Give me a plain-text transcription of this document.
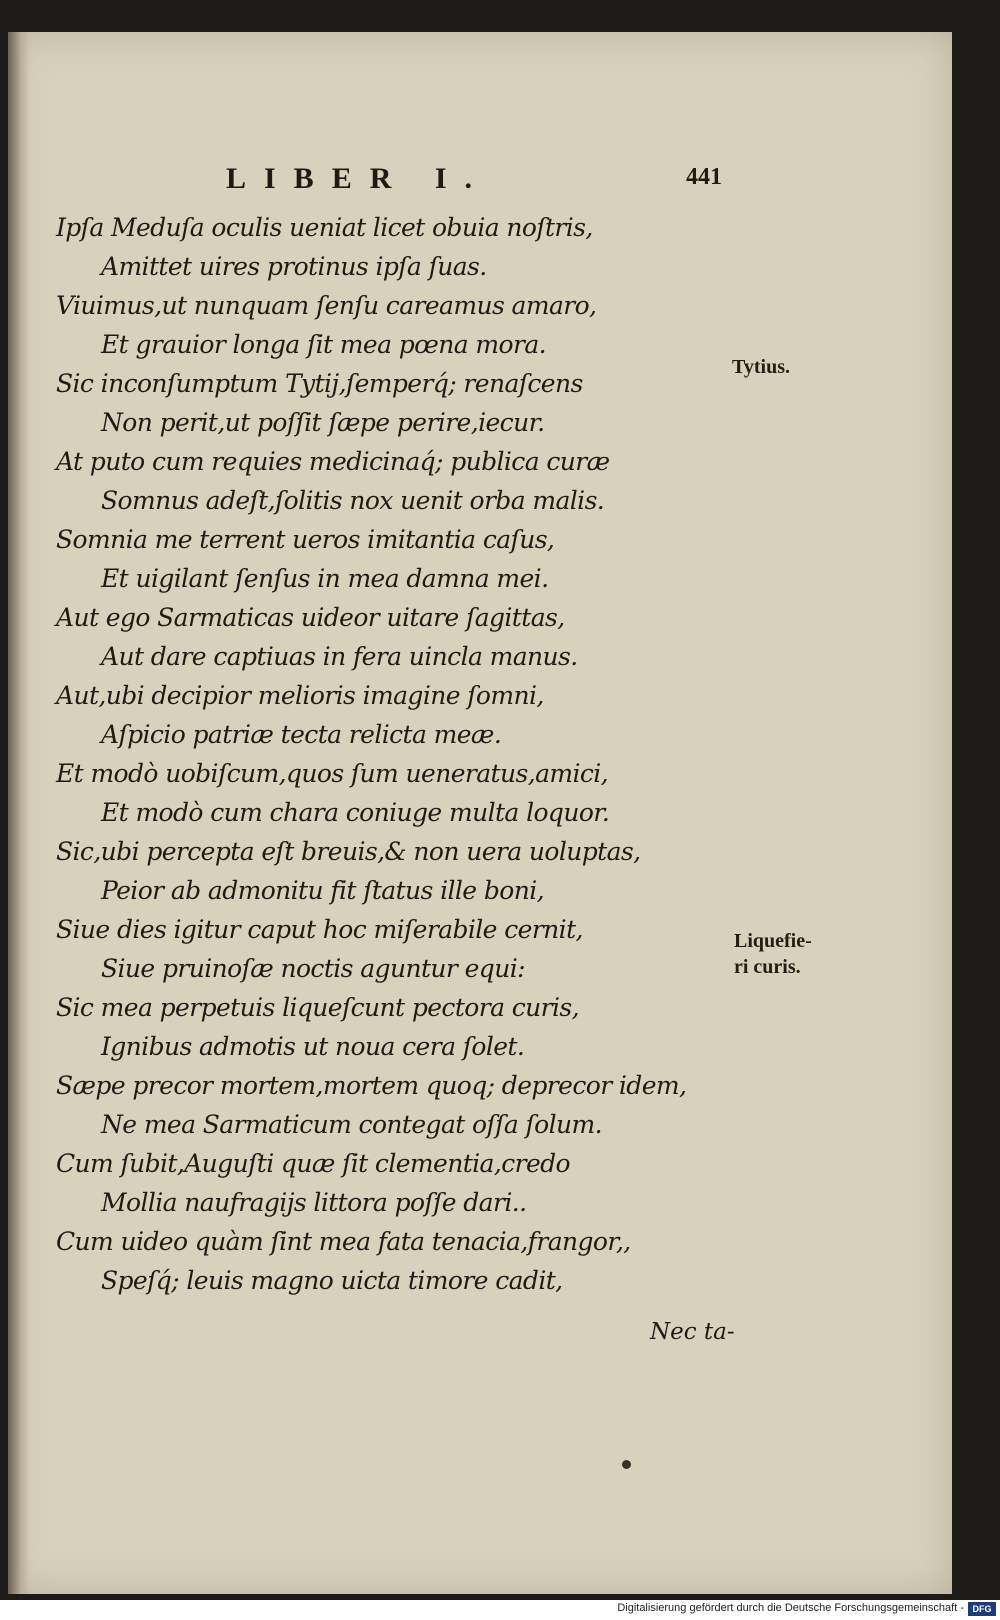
LIBER I.	441
Ipſa Meduſa oculis ueniat licet obuia noſtris,
Amittet uires protinus ipſa ſuas.
Viuimus,ut nunquam ſenſu careamus amaro,
Et grauior longa ſit mea pœna mora.
Sic inconſumptum Tytij,ſemperq́; renaſcens
Non perit,ut poſſit ſæpe perire,iecur.
At puto cum requies medicinaq́; publica curæ
Somnus adeſt,ſolitis nox uenit orba malis.
Somnia me terrent ueros imitantia caſus,
Et uigilant ſenſus in mea damna mei.
Aut ego Sarmaticas uideor uitare ſagittas,
Aut dare captiuas in fera uincla manus.
Aut,ubi decipior melioris imagine ſomni,
Aſpicio patriæ tecta relicta meæ.
Et modò uobiſcum,quos ſum ueneratus,amici,
Et modò cum chara coniuge multa loquor.
Sic,ubi percepta eſt breuis,& non uera uoluptas,
Peior ab admonitu fit ſtatus ille boni,
Siue dies igitur caput hoc miſerabile cernit,
Siue pruinoſæ noctis aguntur equi:
Sic mea perpetuis liqueſcunt pectora curis,
Ignibus admotis ut noua cera ſolet.
Sæpe precor mortem,mortem quoq; deprecor idem,
Ne mea Sarmaticum contegat oſſa ſolum.
Cum ſubit,Auguſti quæ ſit clementia,credo
Mollia naufragijs littora poſſe dari..
Cum uideo quàm ſint mea fata tenacia,frangor,,
Speſq́; leuis magno uicta timore cadit,
Tytius.
Liquefie-
ri curis.
Nec ta-
Digitalisierung gefördert durch die Deutsche Forschungsgemeinschaft - DFG
